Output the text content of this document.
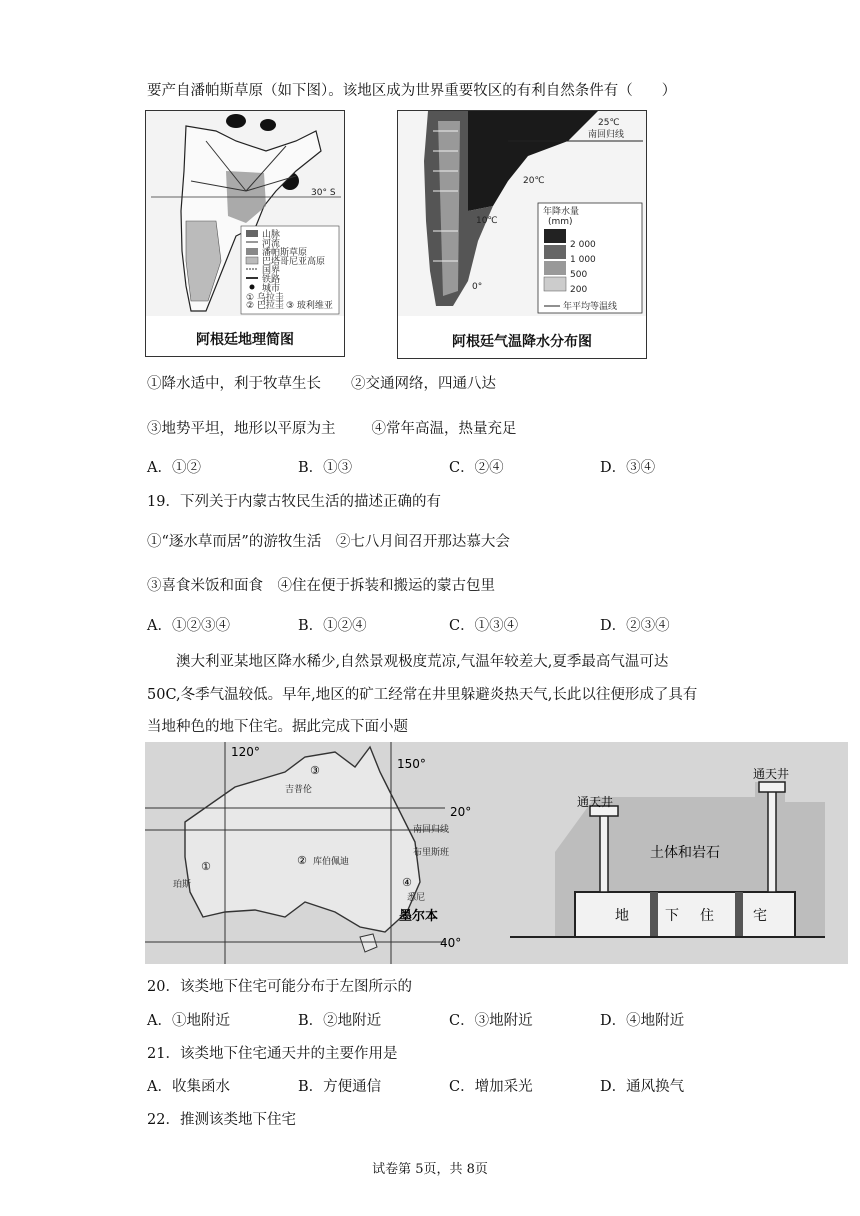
要产自潘帕斯草原（如下图）。该地区成为世界重要牧区的有利自然条件有（　　）
30° S
山脉
河流
潘帕斯草原
巴塔哥尼亚高原
国界
铁路
城市
① 乌拉圭
② 巴拉圭 ③ 玻利维亚
阿根廷地理简图
25℃
南回归线
20℃
10℃
0°
年降水量
(mm)
2 000
1 000
500
200
年平均等温线
阿根廷气温降水分布图
①降水适中，利于牧草生长 ②交通网络，四通八达
③地势平坦，地形以平原为主 ④常年高温，热量充足
A．①②	B．①③	C．②④	D．③④
19．下列关于内蒙古牧民生活的描述正确的有
①“逐水草而居”的游牧生活　②七八月间召开那达慕大会
③喜食米饭和面食　④住在便于拆装和搬运的蒙古包里
A．①②③④	B．①②④	C．①③④	D．②③④
澳大利亚某地区降水稀少,自然景观极度荒凉,气温年较差大,夏季最高气温可达
50C,冬季气温较低。早年,地区的矿工经常在井里躲避炎热天气,长此以往便形成了具有
当地种色的地下住宅。据此完成下面小题
120°
150°
20°
40°
③
吉普伦
①
珀斯
② 库伯佩迪
南回归线
布里斯班
④
悉尼
墨尔本
通天井
通天井
土体和岩石
地	下 住	宅
20．该类地下住宅可能分布于左图所示的
A．①地附近	B．②地附近	C．③地附近	D．④地附近
21．该类地下住宅通天井的主要作用是
A．收集函水	B．方便通信	C．增加采光	D．通风换气
22．推测该类地下住宅
试卷第 5页，共 8页
